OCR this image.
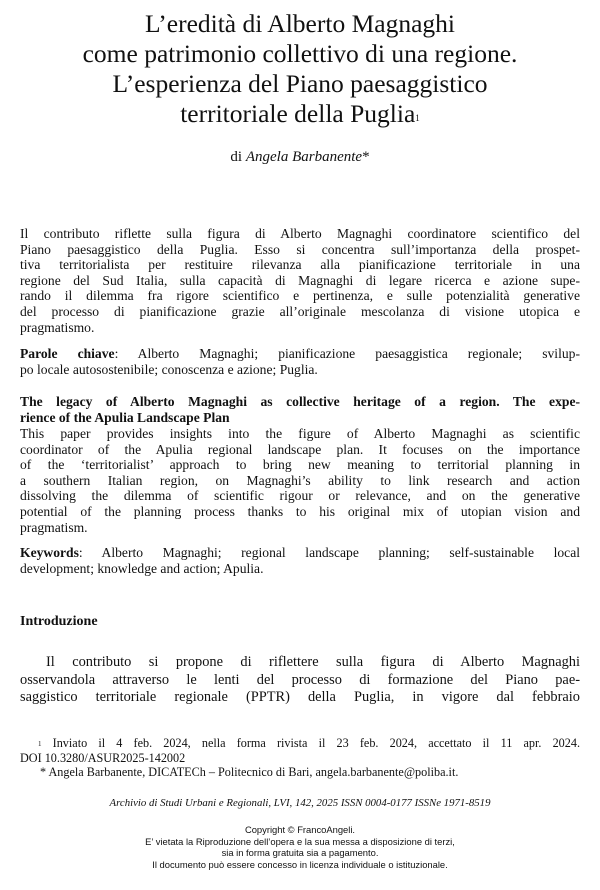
L’eredità di Alberto Magnaghi
come patrimonio collettivo di una regione.
L’esperienza del Piano paesaggistico
territoriale della Puglia$^1$
di Angela Barbanente*
Il contributo riflette sulla figura di Alberto Magnaghi coordinatore scientifico del
Piano paesaggistico della Puglia. Esso si concentra sull’importanza della prospet-
tiva territorialista per restituire rilevanza alla pianificazione territoriale in una
regione del Sud Italia, sulla capacità di Magnaghi di legare ricerca e azione supe-
rando il dilemma fra rigore scientifico e pertinenza, e sulle potenzialità generative
del processo di pianificazione grazie all’originale mescolanza di visione utopica e
pragmatismo.
Parole chiave: Alberto Magnaghi; pianificazione paesaggistica regionale; svilup-
po locale autosostenibile; conoscenza e azione; Puglia.
The legacy of Alberto Magnaghi as collective heritage of a region. The expe-
rience of the Apulia Landscape Plan
This paper provides insights into the figure of Alberto Magnaghi as scientific
coordinator of the Apulia regional landscape plan. It focuses on the importance
of the ‘territorialist’ approach to bring new meaning to territorial planning in
a southern Italian region, on Magnaghi’s ability to link research and action
dissolving the dilemma of scientific rigour or relevance, and on the generative
potential of the planning process thanks to his original mix of utopian vision and
pragmatism.
Keywords: Alberto Magnaghi; regional landscape planning; self-sustainable local
development; knowledge and action; Apulia.
Introduzione
Il contributo si propone di riflettere sulla figura di Alberto Magnaghi
osservandola attraverso le lenti del processo di formazione del Piano pae-
saggistico territoriale regionale (PPTR) della Puglia, in vigore dal febbraio
$^1$ Inviato il 4 feb. 2024, nella forma rivista il 23 feb. 2024, accettato il 11 apr. 2024.
DOI 10.3280/ASUR2025-142002
* Angela Barbanente, DICATECh – Politecnico di Bari, angela.barbanente@poliba.it.
Archivio di Studi Urbani e Regionali, LVI, 142, 2025 ISSN 0004-0177 ISSNe 1971-8519
Copyright © FrancoAngeli.
E’ vietata la Riproduzione dell’opera e la sua messa a disposizione di terzi,
sia in forma gratuita sia a pagamento.
Il documento può essere concesso in licenza individuale o istituzionale.
